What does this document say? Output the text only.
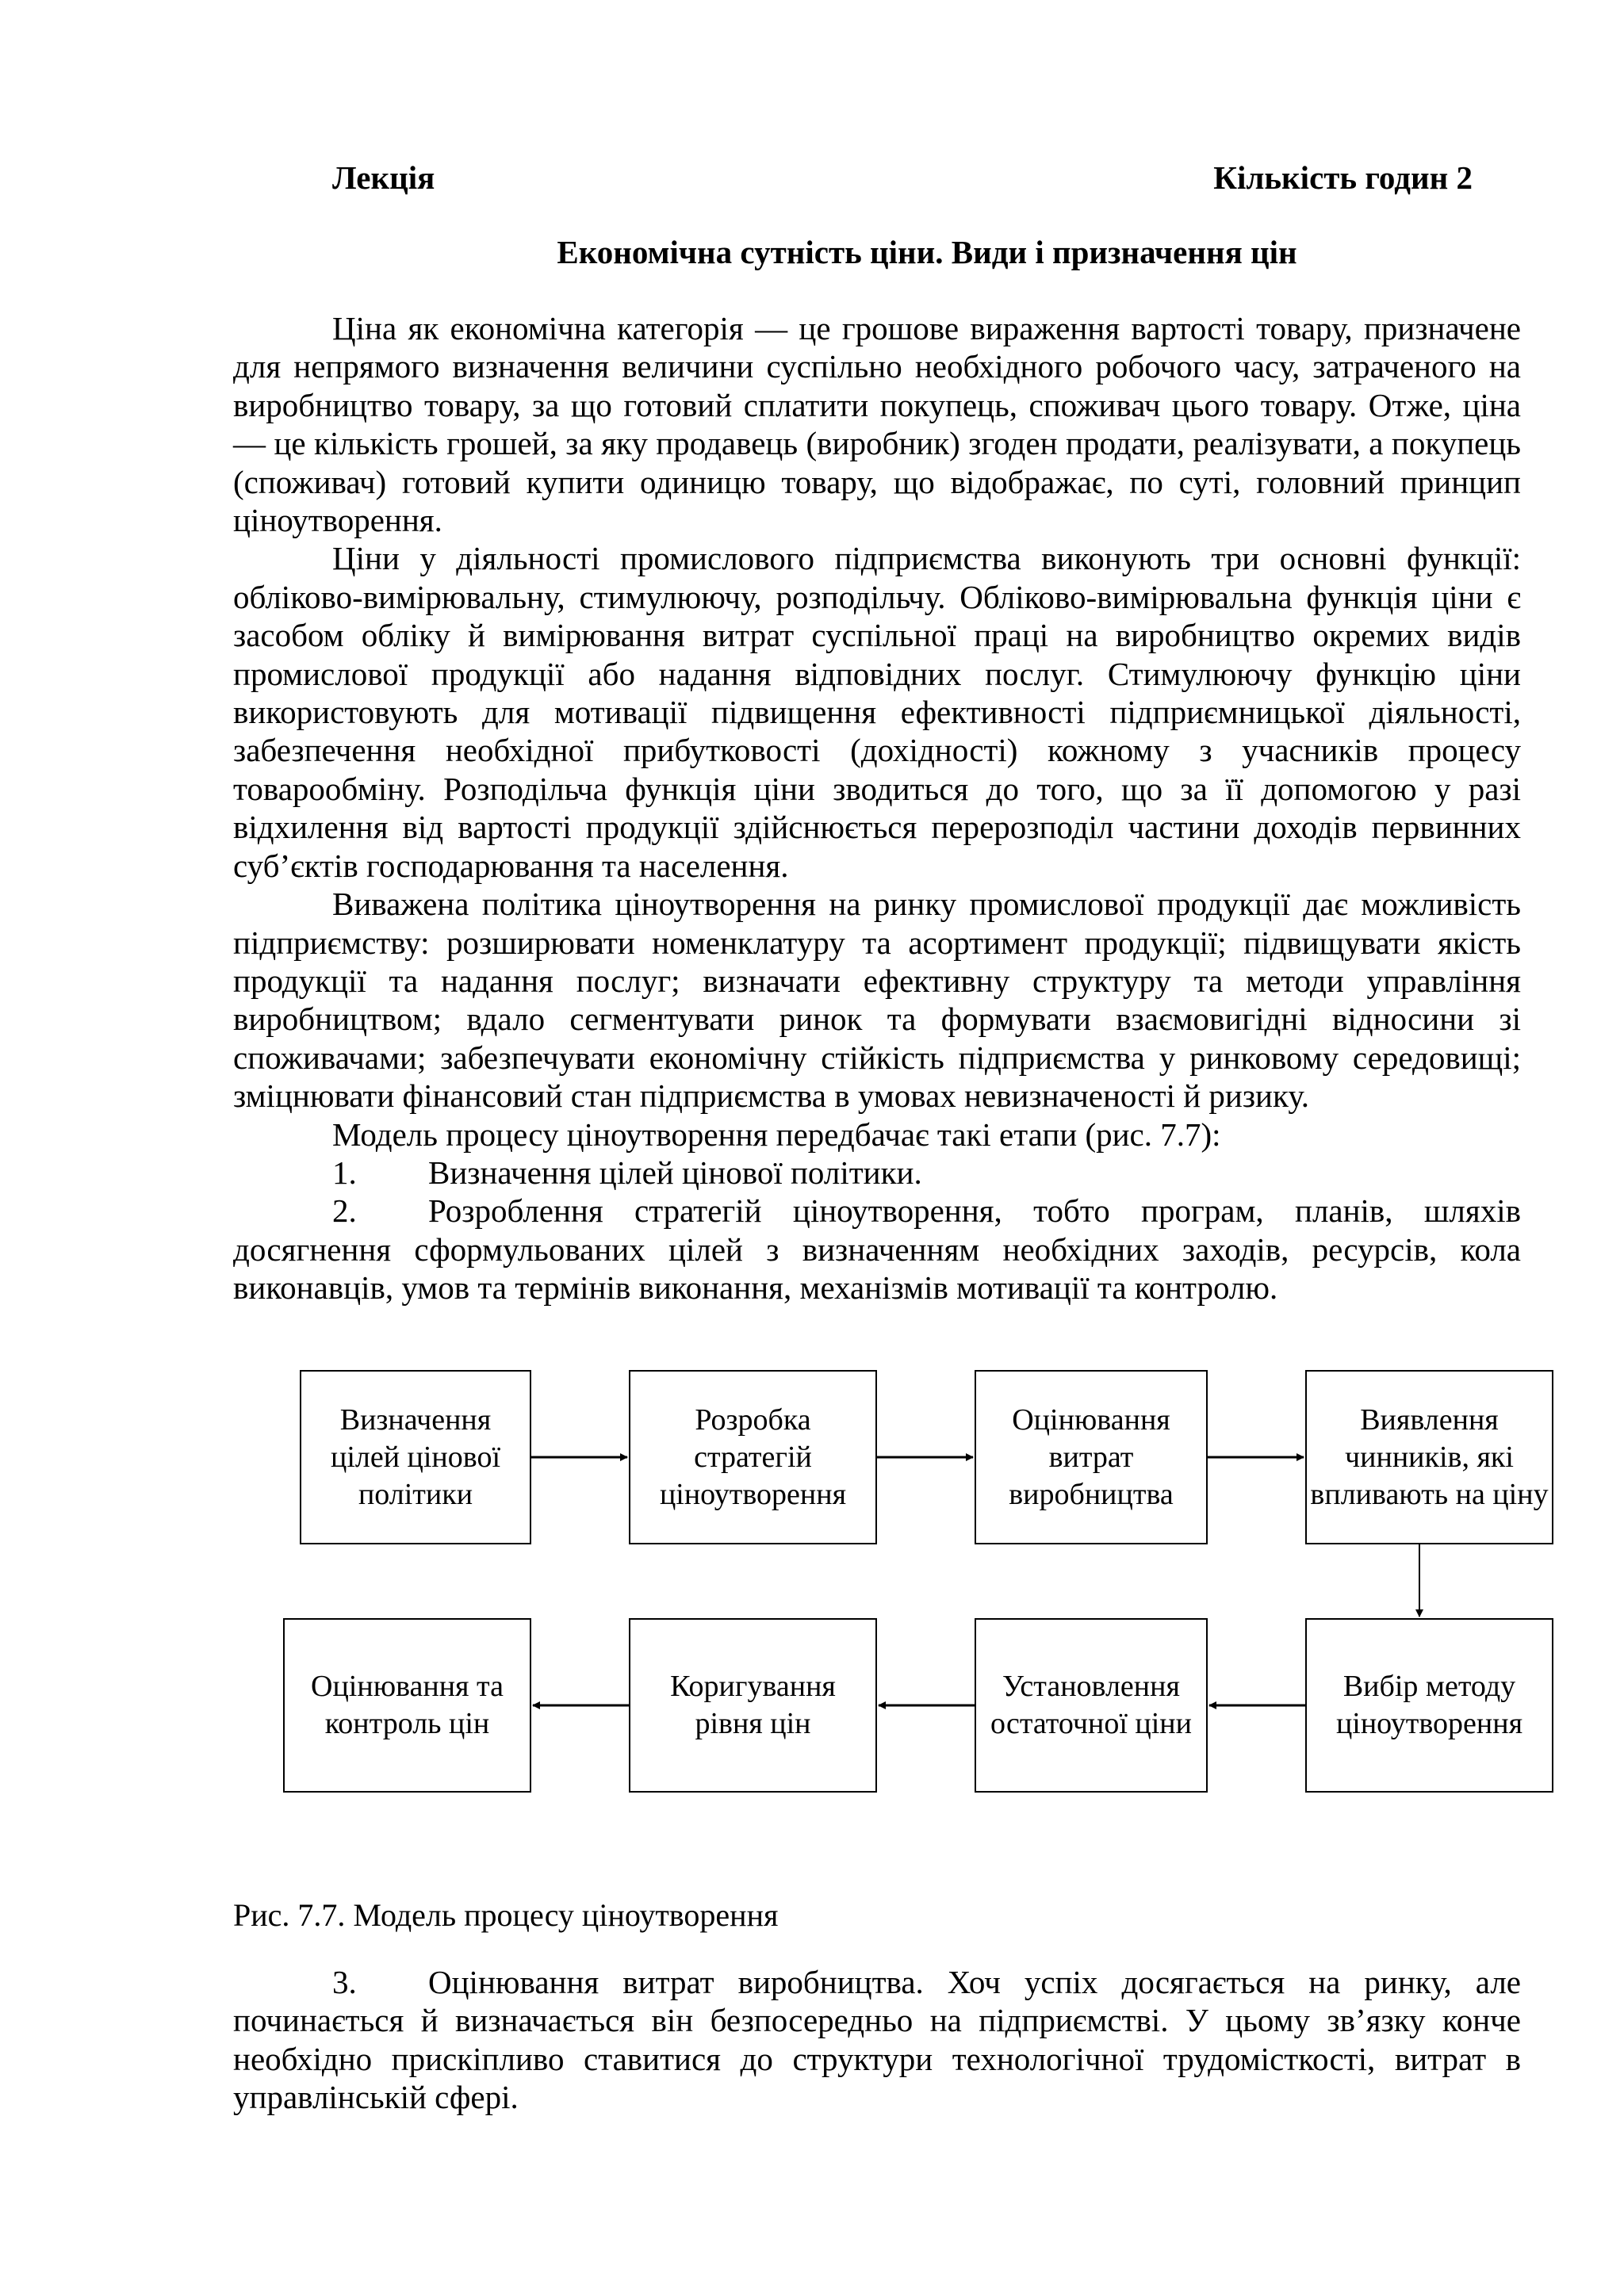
Лекція	Кількість годин 2
Економічна сутність ціни. Види і призначення цін

Ціна як економічна категорія — це грошове вираження вартості товару, призначене для непрямого визначення величини суспільно необхідного робочого часу, затраченого на виробництво товару, за що готовий сплатити покупець, споживач цього товару. Отже, ціна — це кількість грошей, за яку продавець (виробник) згоден продати, реалізувати, а покупець (споживач) готовий купити одиницю товару, що відображає, по суті, головний принцип ціноутворення.

Ціни у діяльності промислового підприємства виконують три основні функції: обліково-вимірювальну, стимулюючу, розподільчу. Обліково-вимірювальна функція ціни є засобом обліку й вимірювання витрат суспільної праці на виробництво окремих видів промислової продукції або надання відповідних послуг. Стимулюючу функцію ціни використовують для мотивації підвищення ефективності підприємницької діяльності, забезпечення необхідної прибутковості (дохідності) кожному з учасників процесу товарообміну. Розподільча функція ціни зводиться до того, що за її допомогою у разі відхилення від вартості продукції здійснюється перерозподіл частини доходів первинних суб’єктів господарювання та населення.

Виважена політика ціноутворення на ринку промислової продукції дає можливість підприємству: розширювати номенклатуру та асортимент продукції; підвищувати якість продукції та надання послуг; визначати ефективну структуру та методи управління виробництвом; вдало сегментувати ринок та формувати взаємовигідні відносини зі споживачами; забезпечувати економічну стійкість підприємства у ринковому середовищі; зміцнювати фінансовий стан підприємства в умовах невизначеності й ризику.

Модель процесу ціноутворення передбачає такі етапи (рис. 7.7):

1. Визначення цілей цінової політики.

2. Розроблення стратегій ціноутворення, тобто програм, планів, шляхів досягнення сформульованих цілей з визначенням необхідних заходів, ресурсів, кола виконавців, умов та термінів виконання, механізмів мотивації та контролю.

Визначення цілей цінової політики
Розробка стратегій ціноутворення
Оцінювання витрат виробництва
Виявлення чинників, які впливають на ціну
Вибір методу ціноутворення
Установлення остаточної ціни
Коригування рівня цін
Оцінювання та контроль цін
Рис. 7.7. Модель процесу ціноутворення

3. Оцінювання витрат виробництва. Хоч успіх досягається на ринку, але починається й визначається він безпосередньо на підприємстві. У цьому зв’язку конче необхідно прискіпливо ставитися до структури технологічної трудомісткості, витрат в управлінській сфері.
